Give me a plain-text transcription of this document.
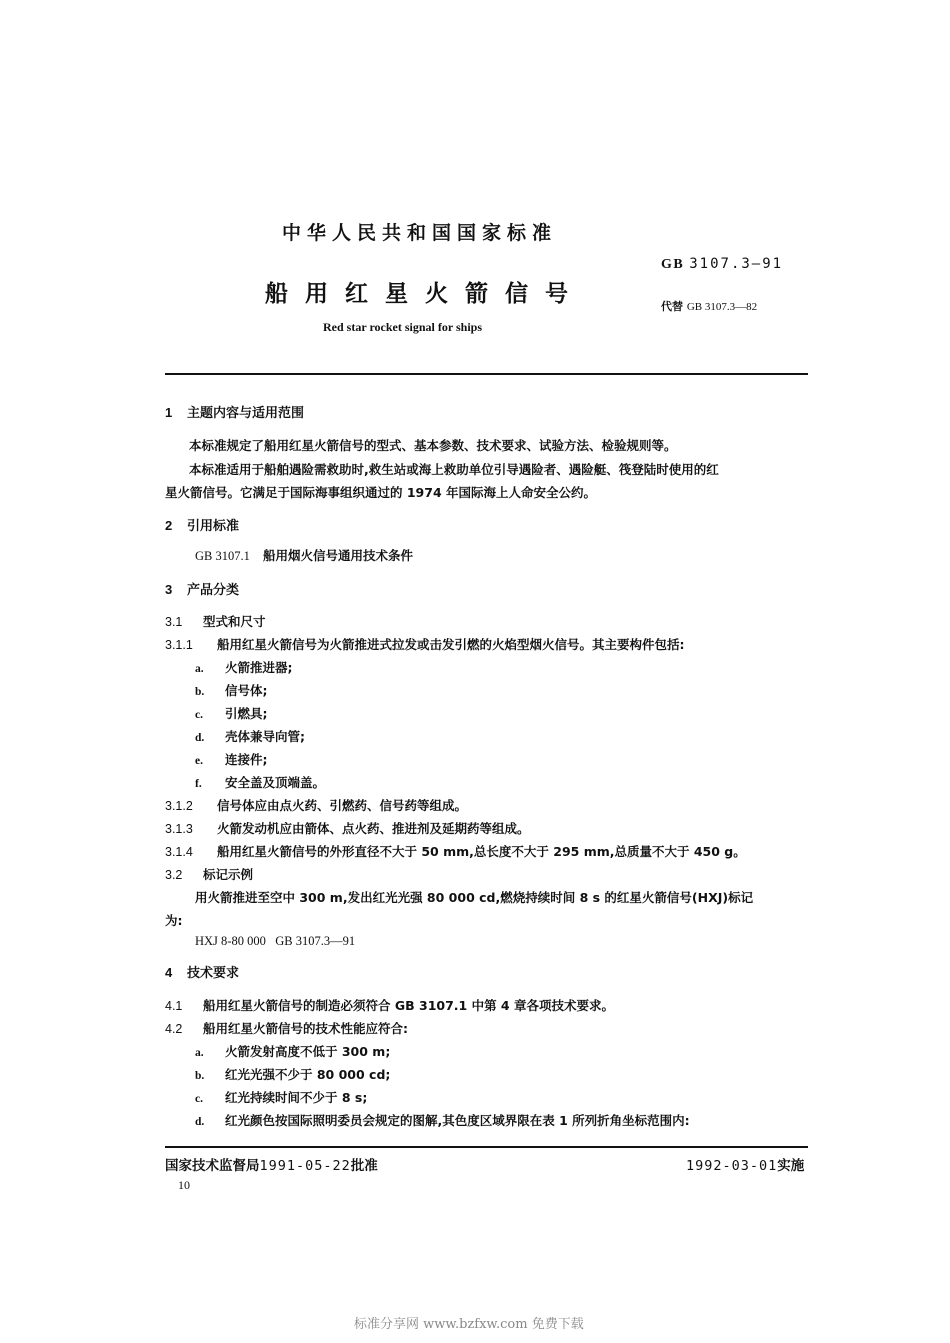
中华人民共和国国家标准
船用红星火箭信号
Red star rocket signal for ships
GB 3107.3—91
代替 GB 3107.3—82
1 主题内容与适用范围
本标准规定了船用红星火箭信号的型式、基本参数、技术要求、试验方法、检验规则等。
本标准适用于船舶遇险需救助时,救生站或海上救助单位引导遇险者、遇险艇、筏登陆时使用的红
星火箭信号。它满足于国际海事组织通过的 1974 年国际海上人命安全公约。
2 引用标准
GB 3107.1 船用烟火信号通用技术条件
3 产品分类
3.1 型式和尺寸
3.1.1 船用红星火箭信号为火箭推进式拉发或击发引燃的火焰型烟火信号。其主要构件包括:
a. 火箭推进器;
b. 信号体;
c. 引燃具;
d. 壳体兼导向管;
e. 连接件;
f. 安全盖及顶端盖。
3.1.2 信号体应由点火药、引燃药、信号药等组成。
3.1.3 火箭发动机应由箭体、点火药、推进剂及延期药等组成。
3.1.4 船用红星火箭信号的外形直径不大于 50 mm,总长度不大于 295 mm,总质量不大于 450 g。
3.2 标记示例
用火箭推进至空中 300 m,发出红光光强 80 000 cd,燃烧持续时间 8 s 的红星火箭信号(HXJ)标记
为:
HXJ 8-80 000   GB 3107.3—91
4 技术要求
4.1 船用红星火箭信号的制造必须符合 GB 3107.1 中第 4 章各项技术要求。
4.2 船用红星火箭信号的技术性能应符合:
a. 火箭发射高度不低于 300 m;
b. 红光光强不少于 80 000 cd;
c. 红光持续时间不少于 8 s;
d. 红光颜色按国际照明委员会规定的图解,其色度区域界限在表 1 所列折角坐标范围内:
国家技术监督局1991-05-22批准	1992-03-01实施
10
标准分享网 www.bzfxw.com 免费下载
